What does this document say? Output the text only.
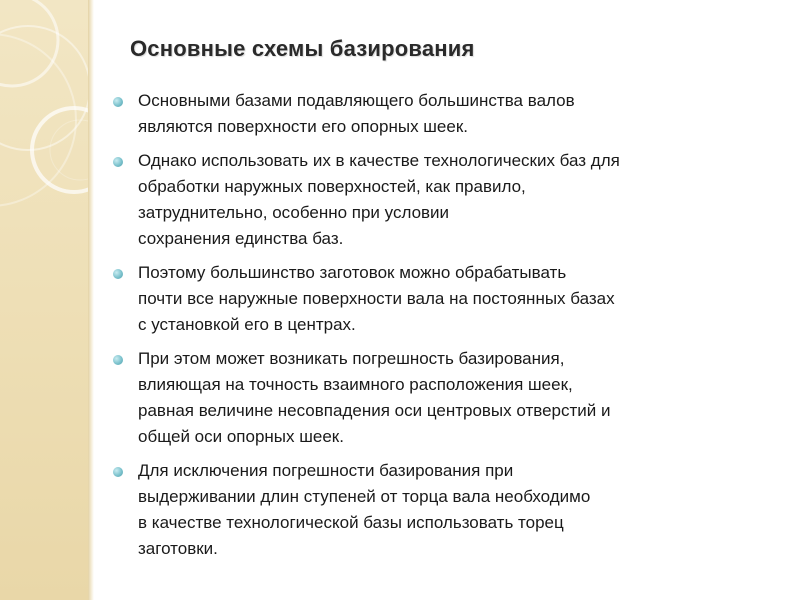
Основные схемы базирования
Основными базами подавляющего большинства валов
являются поверхности его опорных шеек.
Однако использовать их в качестве технологических баз для
обработки наружных поверхностей, как правило,
затруднительно, особенно при условии
сохранения единства баз.
Поэтому большинство заготовок можно обрабатывать
почти все наружные поверхности вала на постоянных базах
с установкой его в центрах.
При этом может возникать погрешность базирования,
влияющая на точность взаимного расположения шеек,
равная величине несовпадения оси центровых отверстий и
общей оси опорных шеек.
Для исключения погрешности базирования при
выдерживании длин ступеней от торца вала необходимо
в качестве технологической базы использовать торец
заготовки.
